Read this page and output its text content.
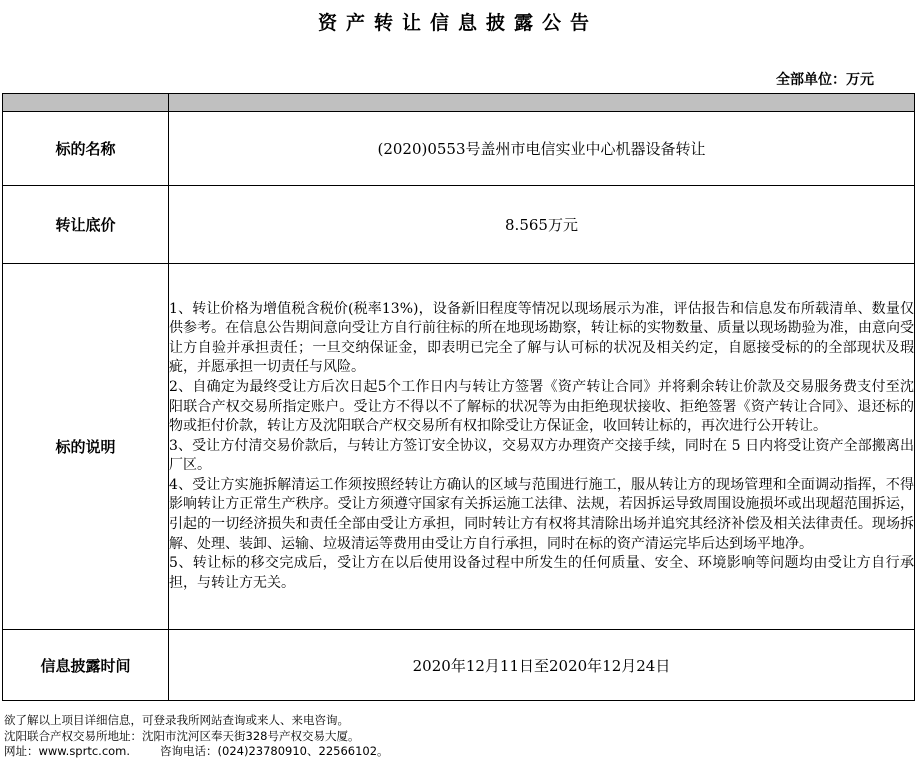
资产转让信息披露公告
全部单位：万元

标的名称	(2020)0553号盖州市电信实业中心机器设备转让
转让底价	8.565万元
标的说明	1、转让价格为增值税含税价(税率13%)，设备新旧程度等情况以现场展示为准，评估报告和信息发布所载清单、数量仅供参考。在信息公告期间意向受让方自行前往标的所在地现场勘察，转让标的实物数量、质量以现场勘验为准，由意向受让方自验并承担责任；一旦交纳保证金，即表明已完全了解与认可标的状况及相关约定，自愿接受标的的全部现状及瑕疵，并愿承担一切责任与风险。

2、自确定为最终受让方后次日起5个工作日内与转让方签署《资产转让合同》并将剩余转让价款及交易服务费支付至沈阳联合产权交易所指定账户。受让方不得以不了解标的状况等为由拒绝现状接收、拒绝签署《资产转让合同》、退还标的物或拒付价款，转让方及沈阳联合产权交易所有权扣除受让方保证金，收回转让标的，再次进行公开转让。

3、受让方付清交易价款后，与转让方签订安全协议，交易双方办理资产交接手续，同时在 5 日内将受让资产全部搬离出厂区。

4、受让方实施拆解清运工作须按照经转让方确认的区域与范围进行施工，服从转让方的现场管理和全面调动指挥，不得影响转让方正常生产秩序。受让方须遵守国家有关拆运施工法律、法规，若因拆运导致周围设施损坏或出现超范围拆运，引起的一切经济损失和责任全部由受让方承担，同时转让方有权将其清除出场并追究其经济补偿及相关法律责任。现场拆解、处理、装卸、运输、垃圾清运等费用由受让方自行承担，同时在标的资产清运完毕后达到场平地净。

5、转让标的移交完成后，受让方在以后使用设备过程中所发生的任何质量、安全、环境影响等问题均由受让方自行承担，与转让方无关。

信息披露时间	2020年12月11日至2020年12月24日
欲了解以上项目详细信息，可登录我所网站查询或来人、来电咨询。
沈阳联合产权交易所地址：沈阳市沈河区奉天街328号产权交易大厦。
网址：www.sprtc.com.	咨询电话：(024)23780910、22566102。
